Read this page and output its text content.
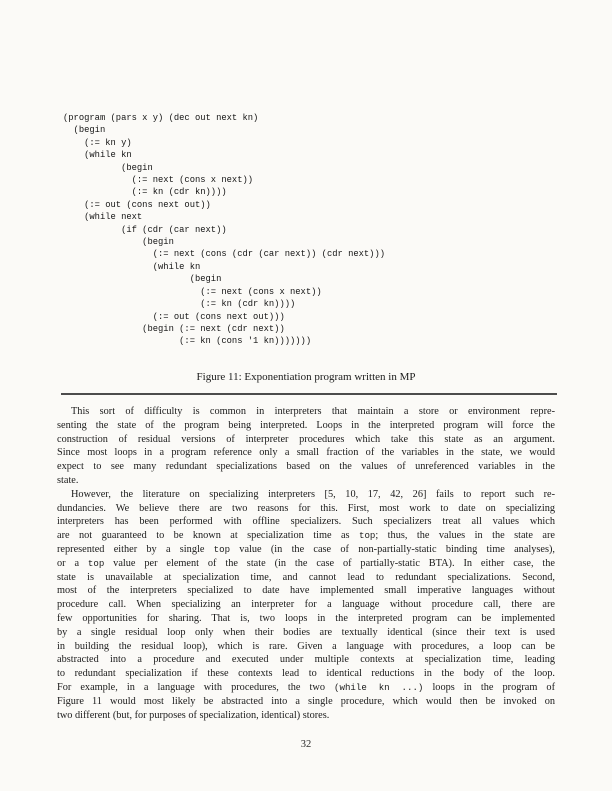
(program (pars x y) (dec out next kn)
(begin
(:= kn y)
(while kn
(begin
(:= next (cons x next))
(:= kn (cdr kn))))
(:= out (cons next out))
(while next
(if (cdr (car next))
(begin
(:= next (cons (cdr (car next)) (cdr next)))
(while kn
(begin
(:= next (cons x next))
(:= kn (cdr kn))))
(:= out (cons next out)))
(begin (:= next (cdr next))
(:= kn (cons '1 kn)))))))
Figure 11: Exponentiation program written in MP
This sort of difficulty is common in interpreters that maintain a store or environment repre-
senting the state of the program being interpreted. Loops in the interpreted program will force the
construction of residual versions of interpreter procedures which take this state as an argument.
Since most loops in a program reference only a small fraction of the variables in the state, we would
expect to see many redundant specializations based on the values of unreferenced variables in the
state.
However, the literature on specializing interpreters [5, 10, 17, 42, 26] fails to report such re-
dundancies. We believe there are two reasons for this. First, most work to date on specializing
interpreters has been performed with offline specializers. Such specializers treat all values which
are not guaranteed to be known at specialization time as top; thus, the values in the state are
represented either by a single top value (in the case of non-partially-static binding time analyses),
or a top value per element of the state (in the case of partially-static BTA). In either case, the
state is unavailable at specialization time, and cannot lead to redundant specializations. Second,
most of the interpreters specialized to date have implemented small imperative languages without
procedure call. When specializing an interpreter for a language without procedure call, there are
few opportunities for sharing. That is, two loops in the interpreted program can be implemented
by a single residual loop only when their bodies are textually identical (since their text is used
in building the residual loop), which is rare. Given a language with procedures, a loop can be
abstracted into a procedure and executed under multiple contexts at specialization time, leading
to redundant specialization if these contexts lead to identical reductions in the body of the loop.
For example, in a language with procedures, the two (while kn ...) loops in the program of
Figure 11 would most likely be abstracted into a single procedure, which would then be invoked on
two different (but, for purposes of specialization, identical) stores.
32
